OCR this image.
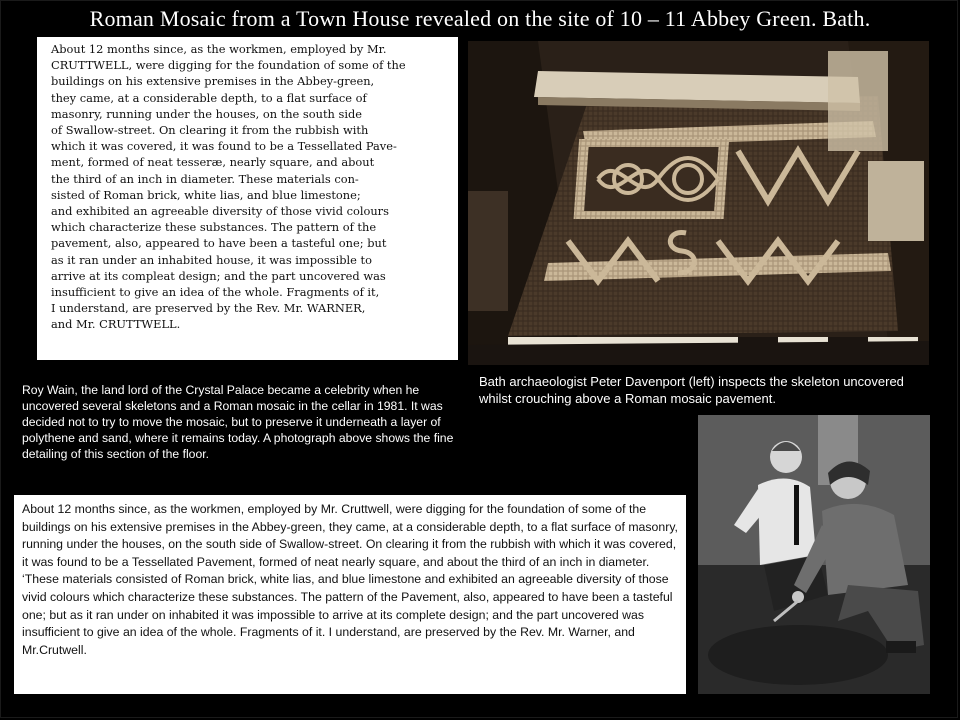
Roman Mosaic from a Town House revealed on the site of 10 – 11 Abbey Green. Bath.
About 12 months since, as the workmen, employed by Mr.
CRUTTWELL, were digging for the foundation of some of the
buildings on his extensive premises in the Abbey-green,
they came, at a considerable depth, to a flat surface of
masonry, running under the houses, on the south side
of Swallow-street. On clearing it from the rubbish with
which it was covered, it was found to be a Tessellated Pave-
ment, formed of neat tesseræ, nearly square, and about
the third of an inch in diameter. These materials con-
sisted of Roman brick, white lias, and blue limestone;
and exhibited an agreeable diversity of those vivid colours
which characterize these substances. The pattern of the
pavement, also, appeared to have been a tasteful one; but
as it ran under an inhabited house, it was impossible to
arrive at its compleat design; and the part uncovered was
insufficient to give an idea of the whole. Fragments of it,
I understand, are preserved by the Rev. Mr. WARNER,
and Mr. CRUTTWELL.
Bath archaeologist Peter Davenport (left) inspects the skeleton uncovered whilst crouching above a Roman mosaic pavement.
Roy Wain, the land lord of the Crystal Palace became a celebrity when he uncovered several skeletons and a Roman mosaic in the cellar in 1981. It was decided not to try to move the mosaic, but to preserve it underneath a layer of polythene and sand, where it remains today. A photograph above shows the fine detailing of this section of the floor.
About 12 months since, as the workmen, employed by Mr. Cruttwell, were digging for the foundation of some of the buildings on his extensive premises in the Abbey-green, they came, at a considerable depth, to a flat surface of masonry, running under the houses, on the south side of Swallow-street. On clearing it from the rubbish with which it was covered, it was found to be a Tessellated Pavement, formed of neat nearly square, and about the third of an inch in diameter. ‘These materials consisted of Roman brick, white lias, and blue limestone and exhibited an agreeable diversity of those vivid colours which characterize these substances. The pattern of the Pavement, also, appeared to have been a tasteful one; but as it ran under on inhabited it was impossible to arrive at its complete design; and the part uncovered was insufficient to give an idea of the whole. Fragments of it. I understand, are preserved by the Rev. Mr. Warner, and Mr.Crutwell.
